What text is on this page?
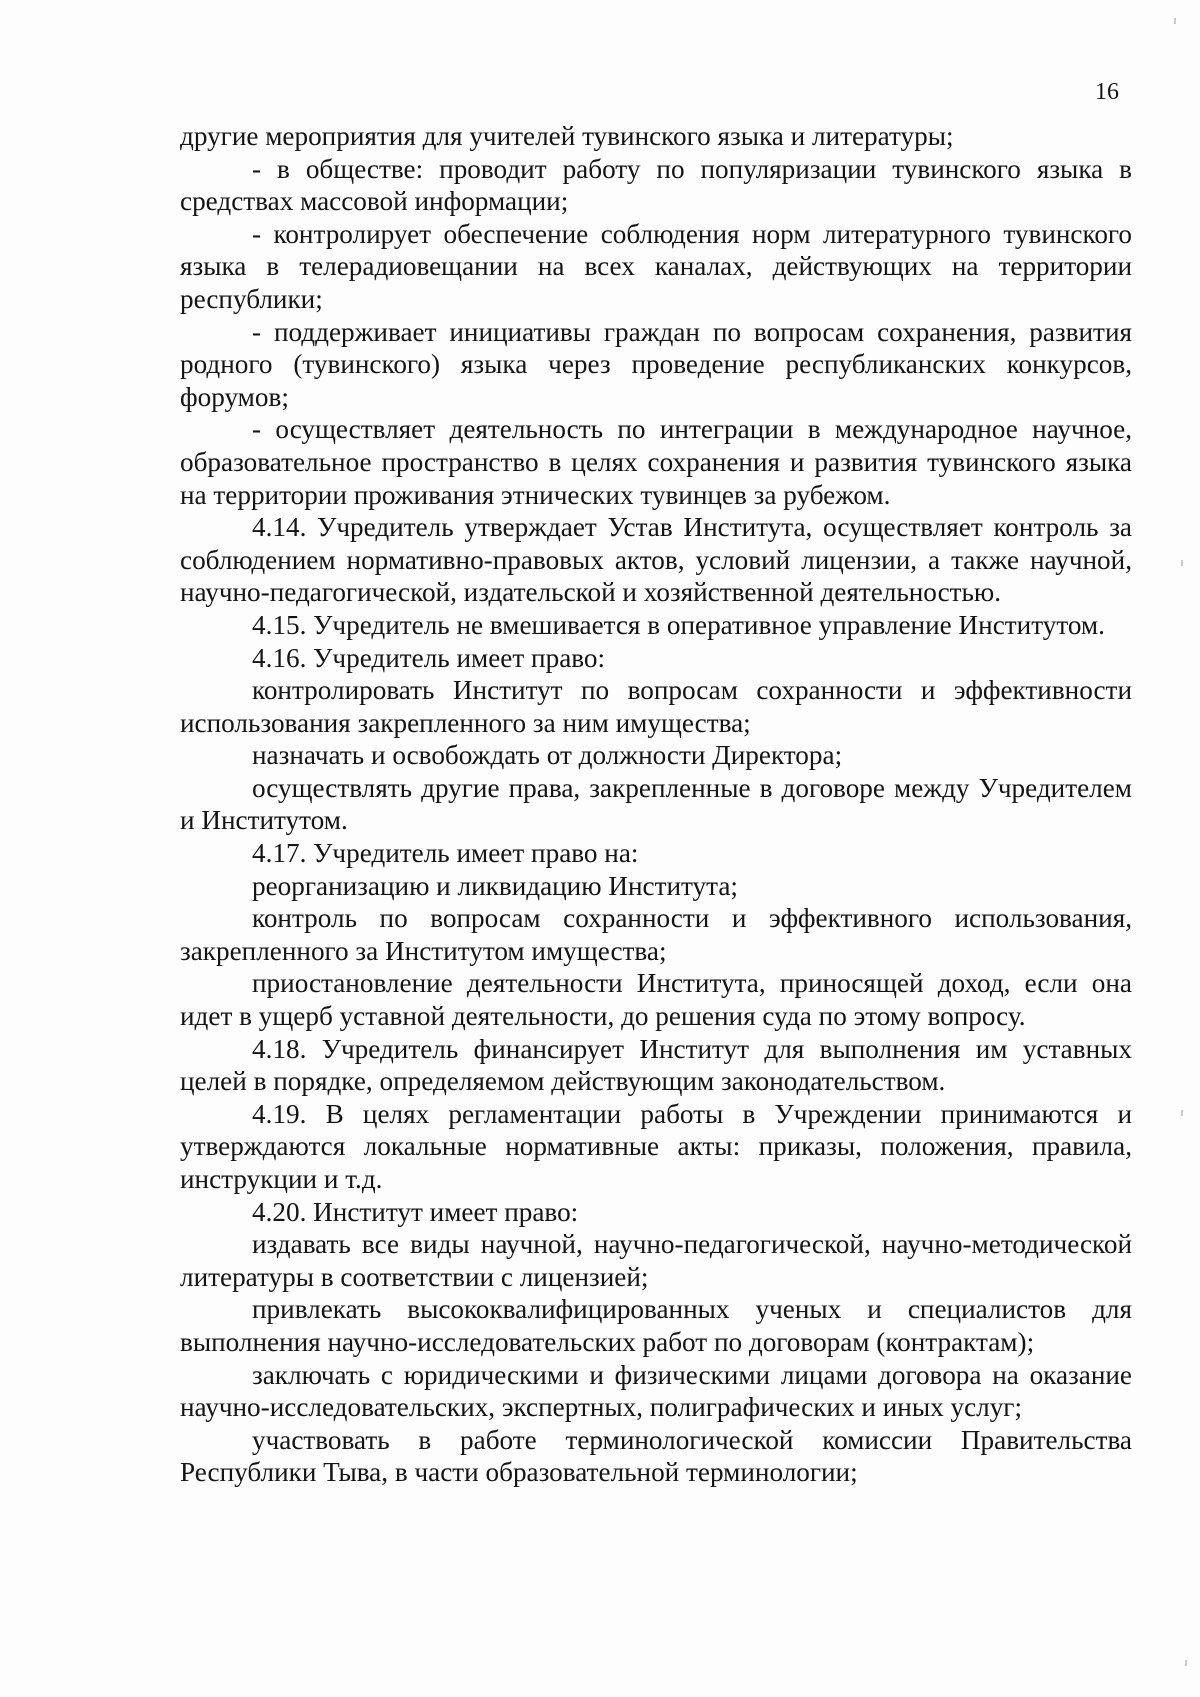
16

другие мероприятия для учителей тувинского языка и литературы;

- в обществе: проводит работу по популяризации тувинского языка в средствах массовой информации;

- контролирует обеспечение соблюдения норм литературного тувинского языка в телерадиовещании на всех каналах, действующих на территории республики;

- поддерживает инициативы граждан по вопросам сохранения, развития родного (тувинского) языка через проведение республиканских конкурсов, форумов;

- осуществляет деятельность по интеграции в международное научное, образовательное пространство в целях сохранения и развития тувинского языка на территории проживания этнических тувинцев за рубежом.

4.14. Учредитель утверждает Устав Института, осуществляет контроль за соблюдением нормативно-правовых актов, условий лицензии, а также научной, научно-педагогической, издательской и хозяйственной деятельностью.

4.15. Учредитель не вмешивается в оперативное управление Институтом.

4.16. Учредитель имеет право:

контролировать Институт по вопросам сохранности и эффективности использования закрепленного за ним имущества;

назначать и освобождать от должности Директора;

осуществлять другие права, закрепленные в договоре между Учредителем и Институтом.

4.17. Учредитель имеет право на:

реорганизацию и ликвидацию Института;

контроль по вопросам сохранности и эффективного использования, закрепленного за Институтом имущества;

приостановление деятельности Института, приносящей доход, если она идет в ущерб уставной деятельности, до решения суда по этому вопросу.

4.18. Учредитель финансирует Институт для выполнения им уставных целей в порядке, определяемом действующим законодательством.

4.19. В целях регламентации работы в Учреждении принимаются и утверждаются локальные нормативные акты: приказы, положения, правила, инструкции и т.д.

4.20. Институт имеет право:

издавать все виды научной, научно-педагогической, научно-методической литературы в соответствии с лицензией;

привлекать высококвалифицированных ученых и специалистов для выполнения научно-исследовательских работ по договорам (контрактам);

заключать с юридическими и физическими лицами договора на оказание научно-исследовательских, экспертных, полиграфических и иных услуг;

участвовать в работе терминологической комиссии Правительства Республики Тыва, в части образовательной терминологии;
